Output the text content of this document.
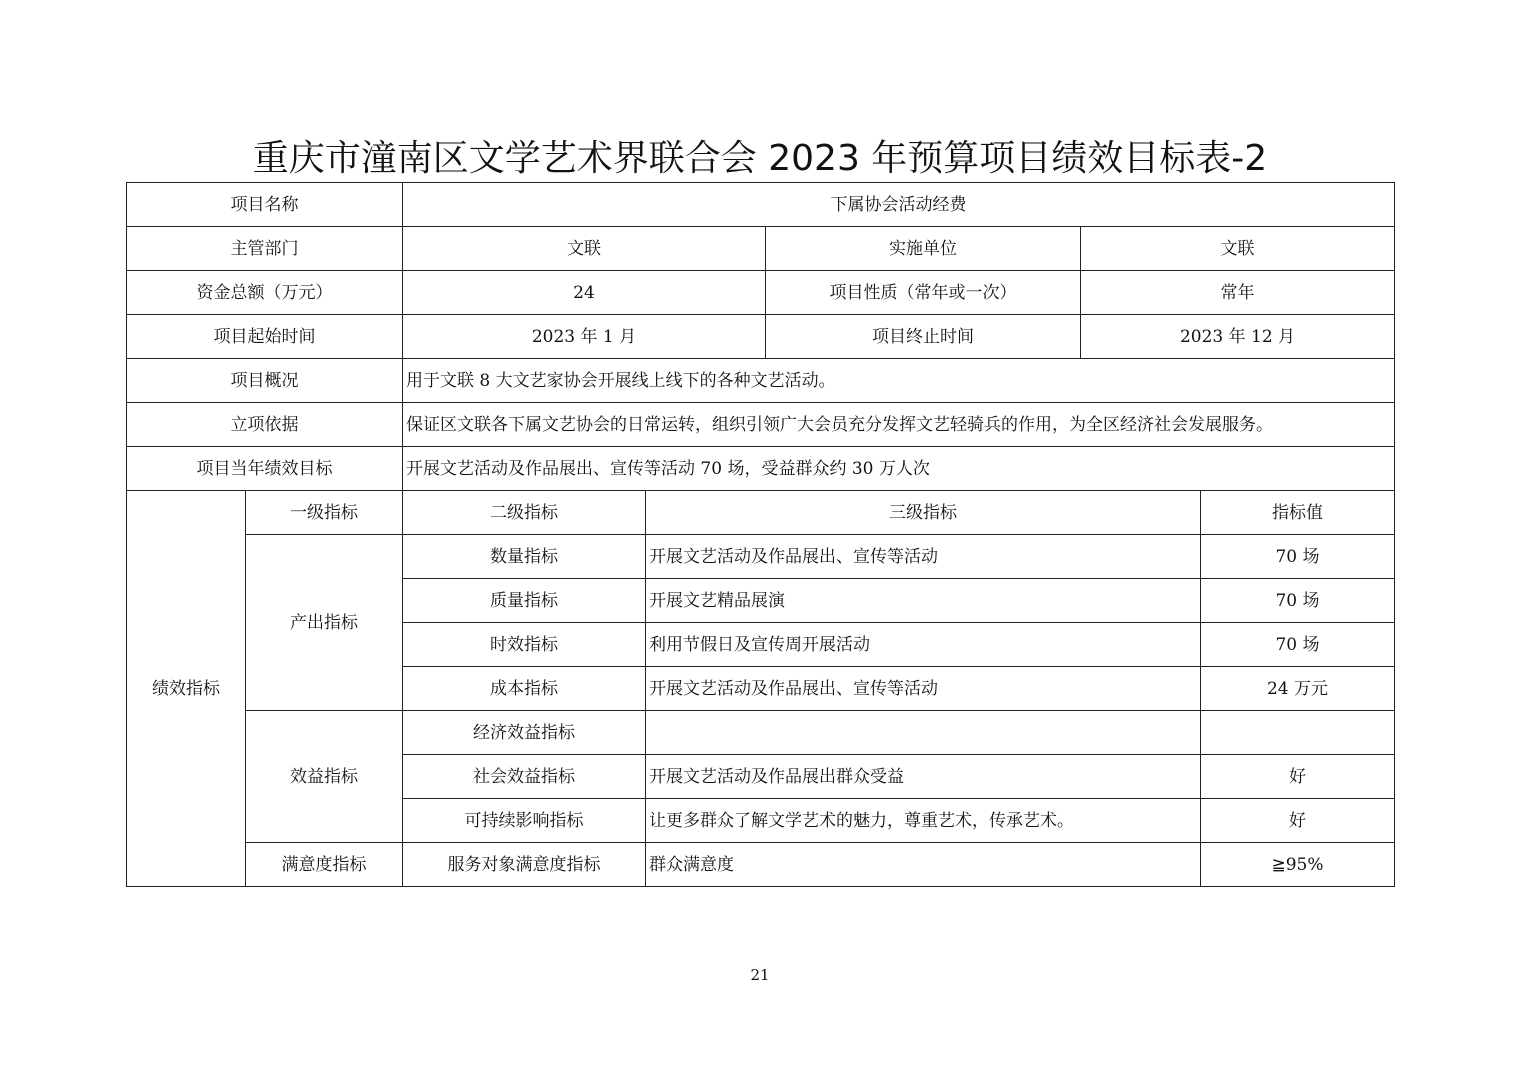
重庆市潼南区文学艺术界联合会 2023 年预算项目绩效目标表-2
项目名称		下属协会活动经费				
主管部门		文联		实施单位	文联	
资金总额（万元）		24		项目性质（常年或一次）	常年	
项目起始时间		2023 年 1 月		项目终止时间	2023 年 12 月	
项目概况		用于文联 8 大文艺家协会开展线上线下的各种文艺活动。				
立项依据		保证区文联各下属文艺协会的日常运转，组织引领广大会员充分发挥文艺轻骑兵的作用，为全区经济社会发展服务。				
项目当年绩效目标		开展文艺活动及作品展出、宣传等活动 70 场，受益群众约 30 万人次				
绩效指标	一级指标	二级指标	三级指标			指标值
	产出指标	数量指标	开展文艺活动及作品展出、宣传等活动			70 场
		质量指标	开展文艺精品展演			70 场
		时效指标	利用节假日及宣传周开展活动			70 场
		成本指标	开展文艺活动及作品展出、宣传等活动			24 万元
	效益指标	经济效益指标				
		社会效益指标	开展文艺活动及作品展出群众受益			好
		可持续影响指标	让更多群众了解文学艺术的魅力，尊重艺术，传承艺术。			好
	满意度指标	服务对象满意度指标	群众满意度			≧95%
21
